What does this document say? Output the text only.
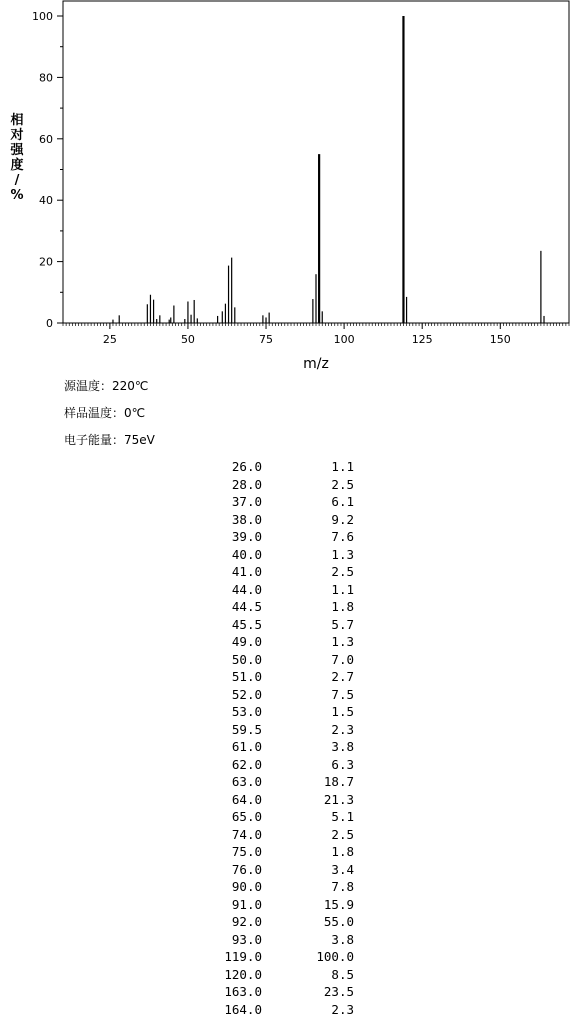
25	50	75	100	125	150
0
20
40
60
80
100
m/z
相对强度/ %
源温度：220℃
样品温度：0℃
电子能量：75eV
26.0	1.1
28.0	2.5
37.0	6.1
38.0	9.2
39.0	7.6
40.0	1.3
41.0	2.5
44.0	1.1
44.5	1.8
45.5	5.7
49.0	1.3
50.0	7.0
51.0	2.7
52.0	7.5
53.0	1.5
59.5	2.3
61.0	3.8
62.0	6.3
63.0	18.7
64.0	21.3
65.0	5.1
74.0	2.5
75.0	1.8
76.0	3.4
90.0	7.8
91.0	15.9
92.0	55.0
93.0	3.8
119.0	100.0
120.0	8.5
163.0	23.5
164.0	2.3
